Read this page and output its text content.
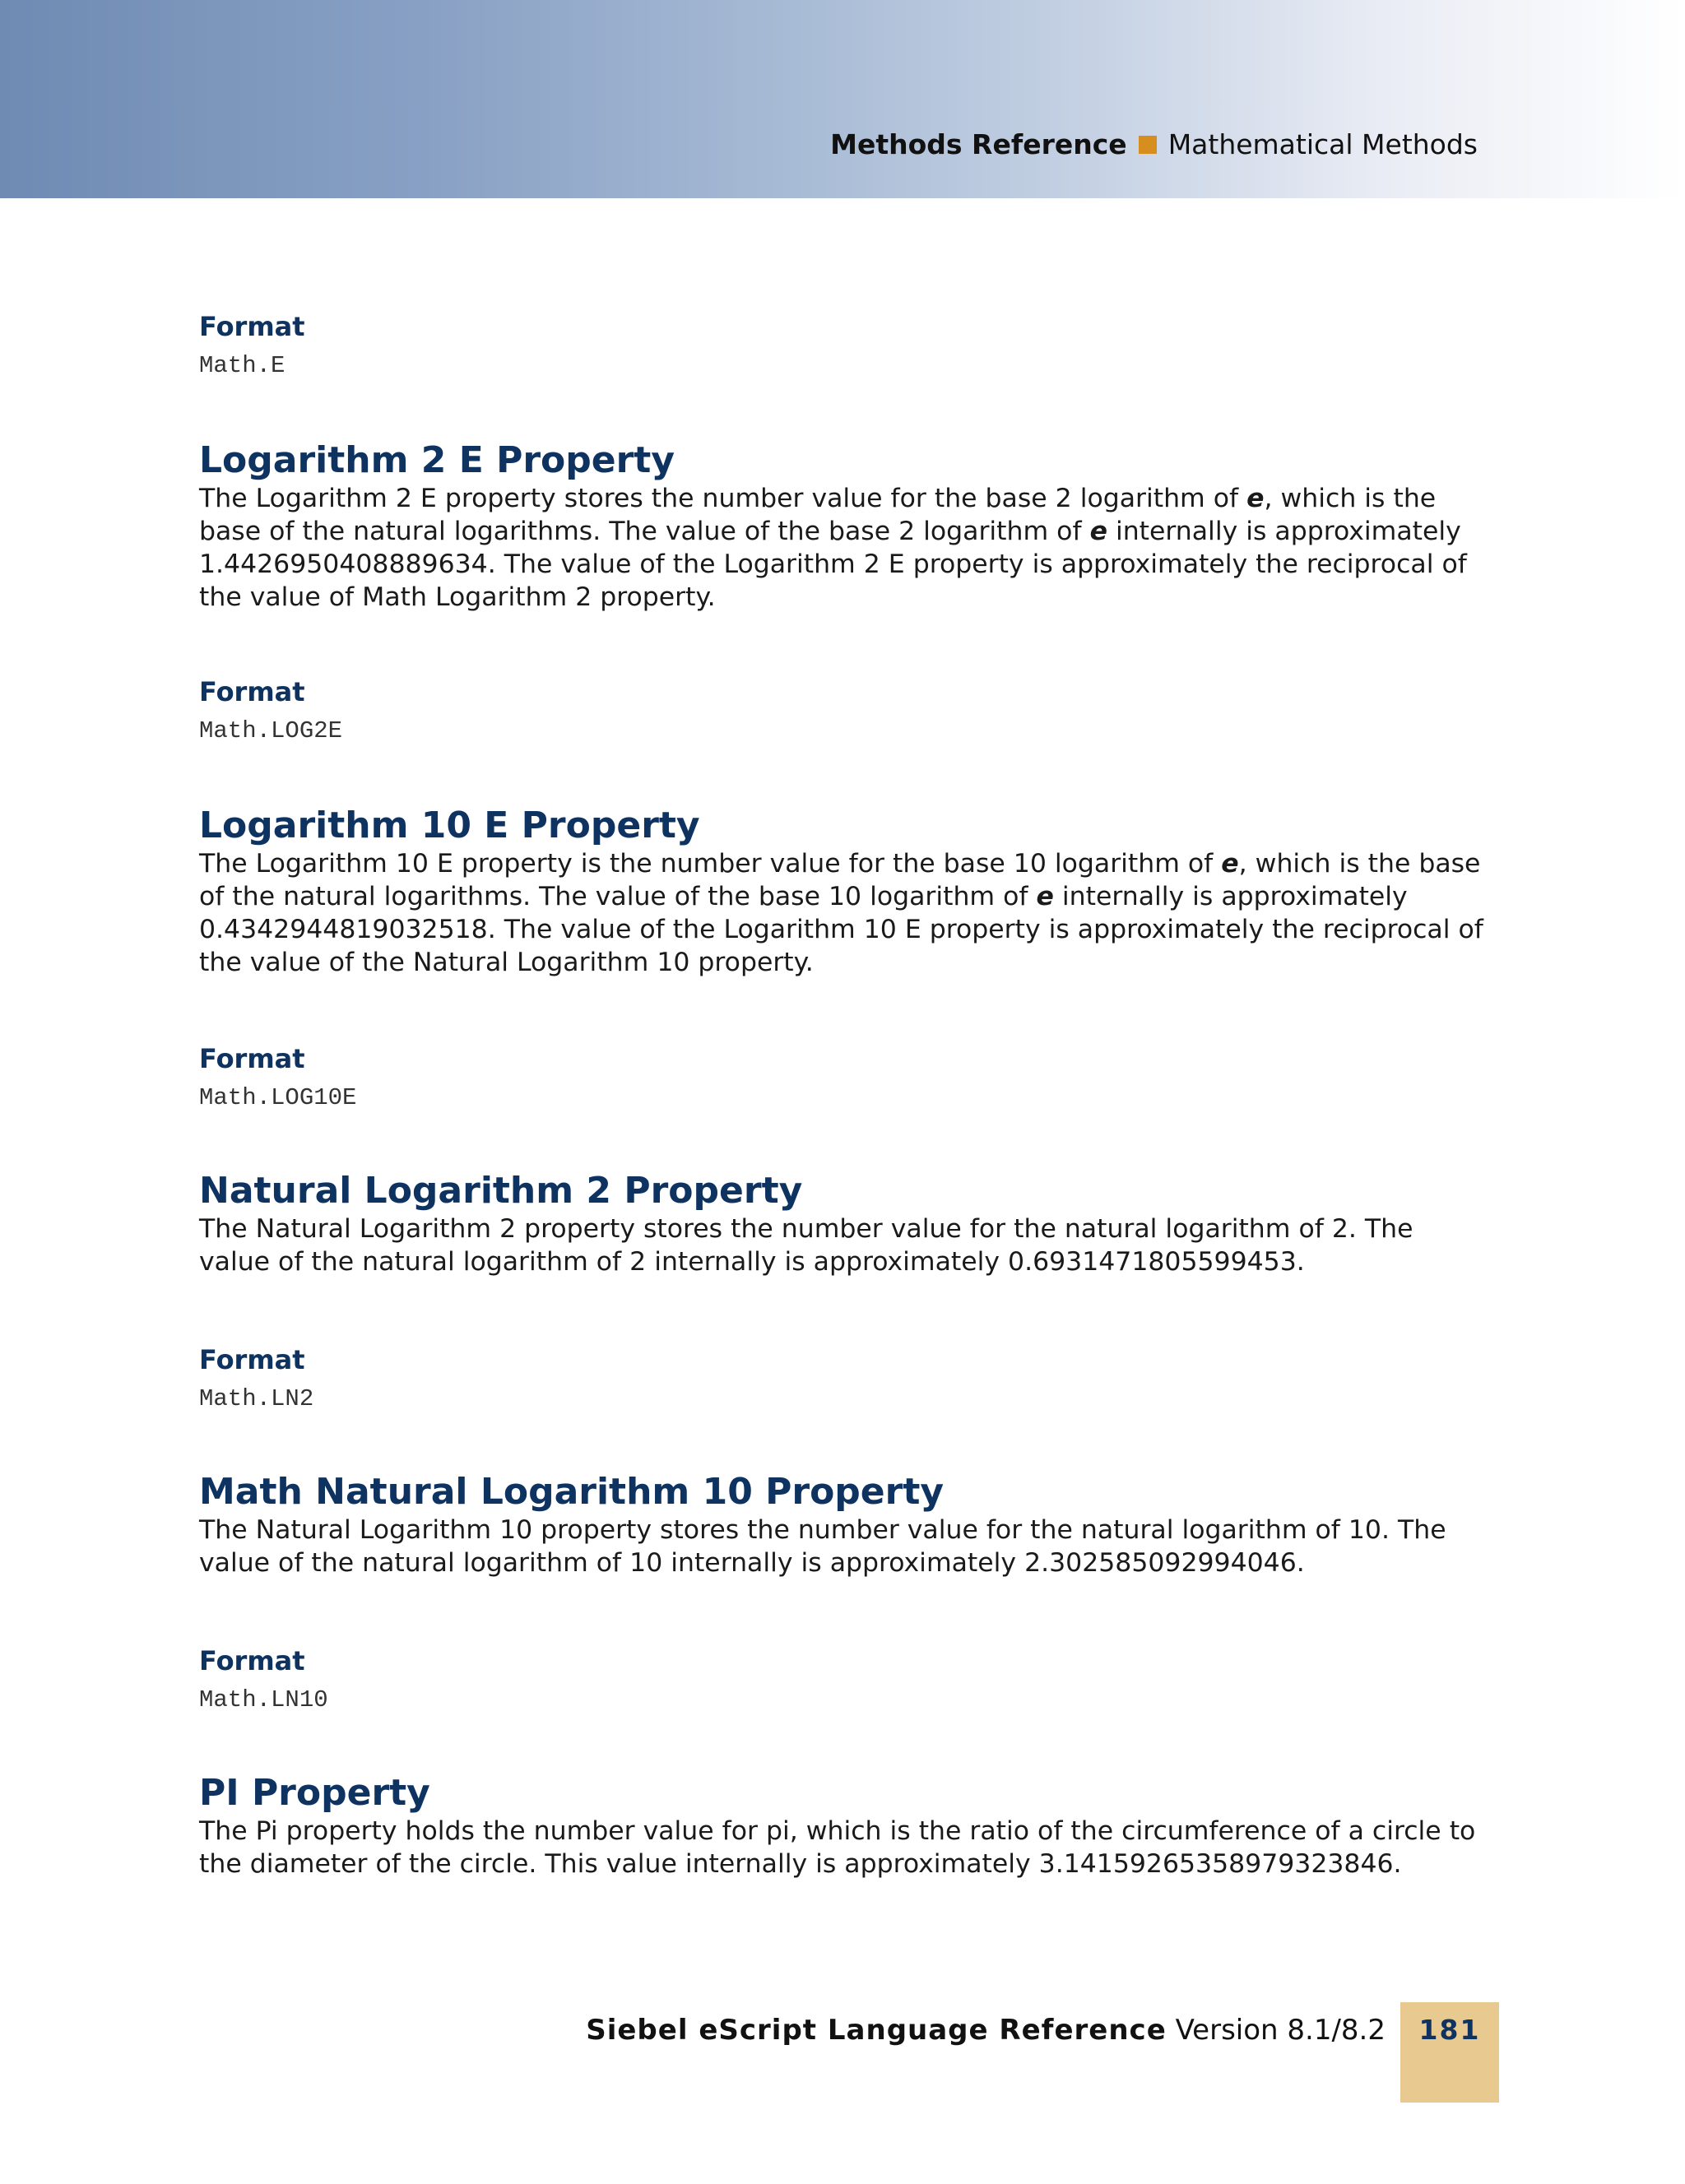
Methods Reference Mathematical Methods
Format
Math.E
Logarithm 2 E Property
The Logarithm 2 E property stores the number value for the base 2 logarithm of e, which is the base of the natural logarithms. The value of the base 2 logarithm of e internally is approximately 1.4426950408889634. The value of the Logarithm 2 E property is approximately the reciprocal of the value of Math Logarithm 2 property.
Format
Math.LOG2E
Logarithm 10 E Property
The Logarithm 10 E property is the number value for the base 10 logarithm of e, which is the base of the natural logarithms. The value of the base 10 logarithm of e internally is approximately 0.4342944819032518. The value of the Logarithm 10 E property is approximately the reciprocal of the value of the Natural Logarithm 10 property.
Format
Math.LOG10E
Natural Logarithm 2 Property
The Natural Logarithm 2 property stores the number value for the natural logarithm of 2. The value of the natural logarithm of 2 internally is approximately 0.6931471805599453.
Format
Math.LN2
Math Natural Logarithm 10 Property
The Natural Logarithm 10 property stores the number value for the natural logarithm of 10. The value of the natural logarithm of 10 internally is approximately 2.302585092994046.
Format
Math.LN10
PI Property
The Pi property holds the number value for pi, which is the ratio of the circumference of a circle to the diameter of the circle. This value internally is approximately 3.14159265358979323846.
Siebel eScript Language Reference Version 8.1/8.2	181
